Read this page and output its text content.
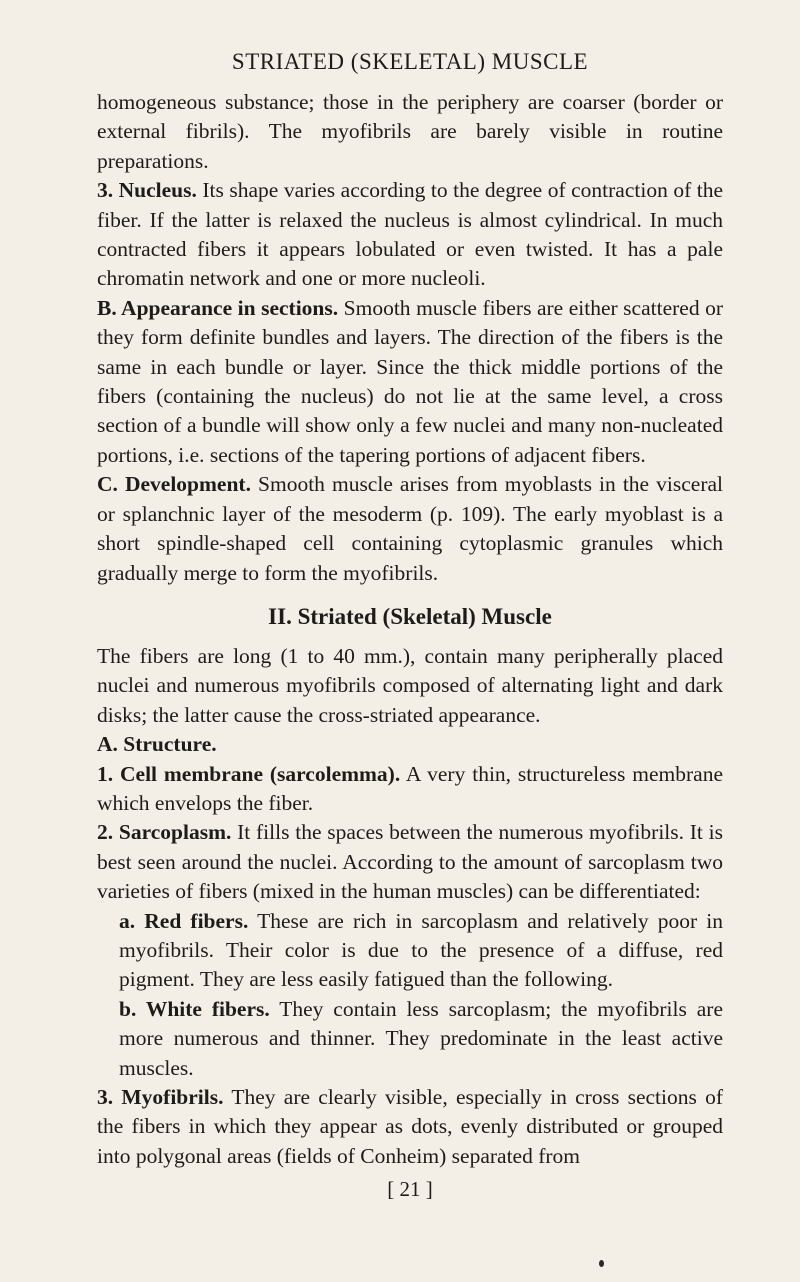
STRIATED (SKELETAL) MUSCLE

homogeneous substance; those in the periphery are coarser (border or external fibrils). The myofibrils are barely visible in routine preparations.

3. Nucleus. Its shape varies according to the degree of contraction of the fiber. If the latter is relaxed the nucleus is almost cylindrical. In much contracted fibers it appears lobulated or even twisted. It has a pale chromatin network and one or more nucleoli.

B. Appearance in sections. Smooth muscle fibers are either scattered or they form definite bundles and layers. The direction of the fibers is the same in each bundle or layer. Since the thick middle portions of the fibers (containing the nucleus) do not lie at the same level, a cross section of a bundle will show only a few nuclei and many non-nucleated portions, i.e. sections of the tapering portions of adjacent fibers.

C. Development. Smooth muscle arises from myoblasts in the visceral or splanchnic layer of the mesoderm (p. 109). The early myoblast is a short spindle-shaped cell containing cytoplasmic granules which gradually merge to form the myofibrils.

II. Striated (Skeletal) Muscle

The fibers are long (1 to 40 mm.), contain many peripherally placed nuclei and numerous myofibrils composed of alternating light and dark disks; the latter cause the cross-striated appearance.

A. Structure.

1. Cell membrane (sarcolemma). A very thin, structureless membrane which envelops the fiber.

2. Sarcoplasm. It fills the spaces between the numerous myofibrils. It is best seen around the nuclei. According to the amount of sarcoplasm two varieties of fibers (mixed in the human muscles) can be differentiated:

a. Red fibers. These are rich in sarcoplasm and relatively poor in myofibrils. Their color is due to the presence of a diffuse, red pigment. They are less easily fatigued than the following.

b. White fibers. They contain less sarcoplasm; the myofibrils are more numerous and thinner. They predominate in the least active muscles.

3. Myofibrils. They are clearly visible, especially in cross sections of the fibers in which they appear as dots, evenly distributed or grouped into polygonal areas (fields of Conheim) separated from

[ 21 ]
